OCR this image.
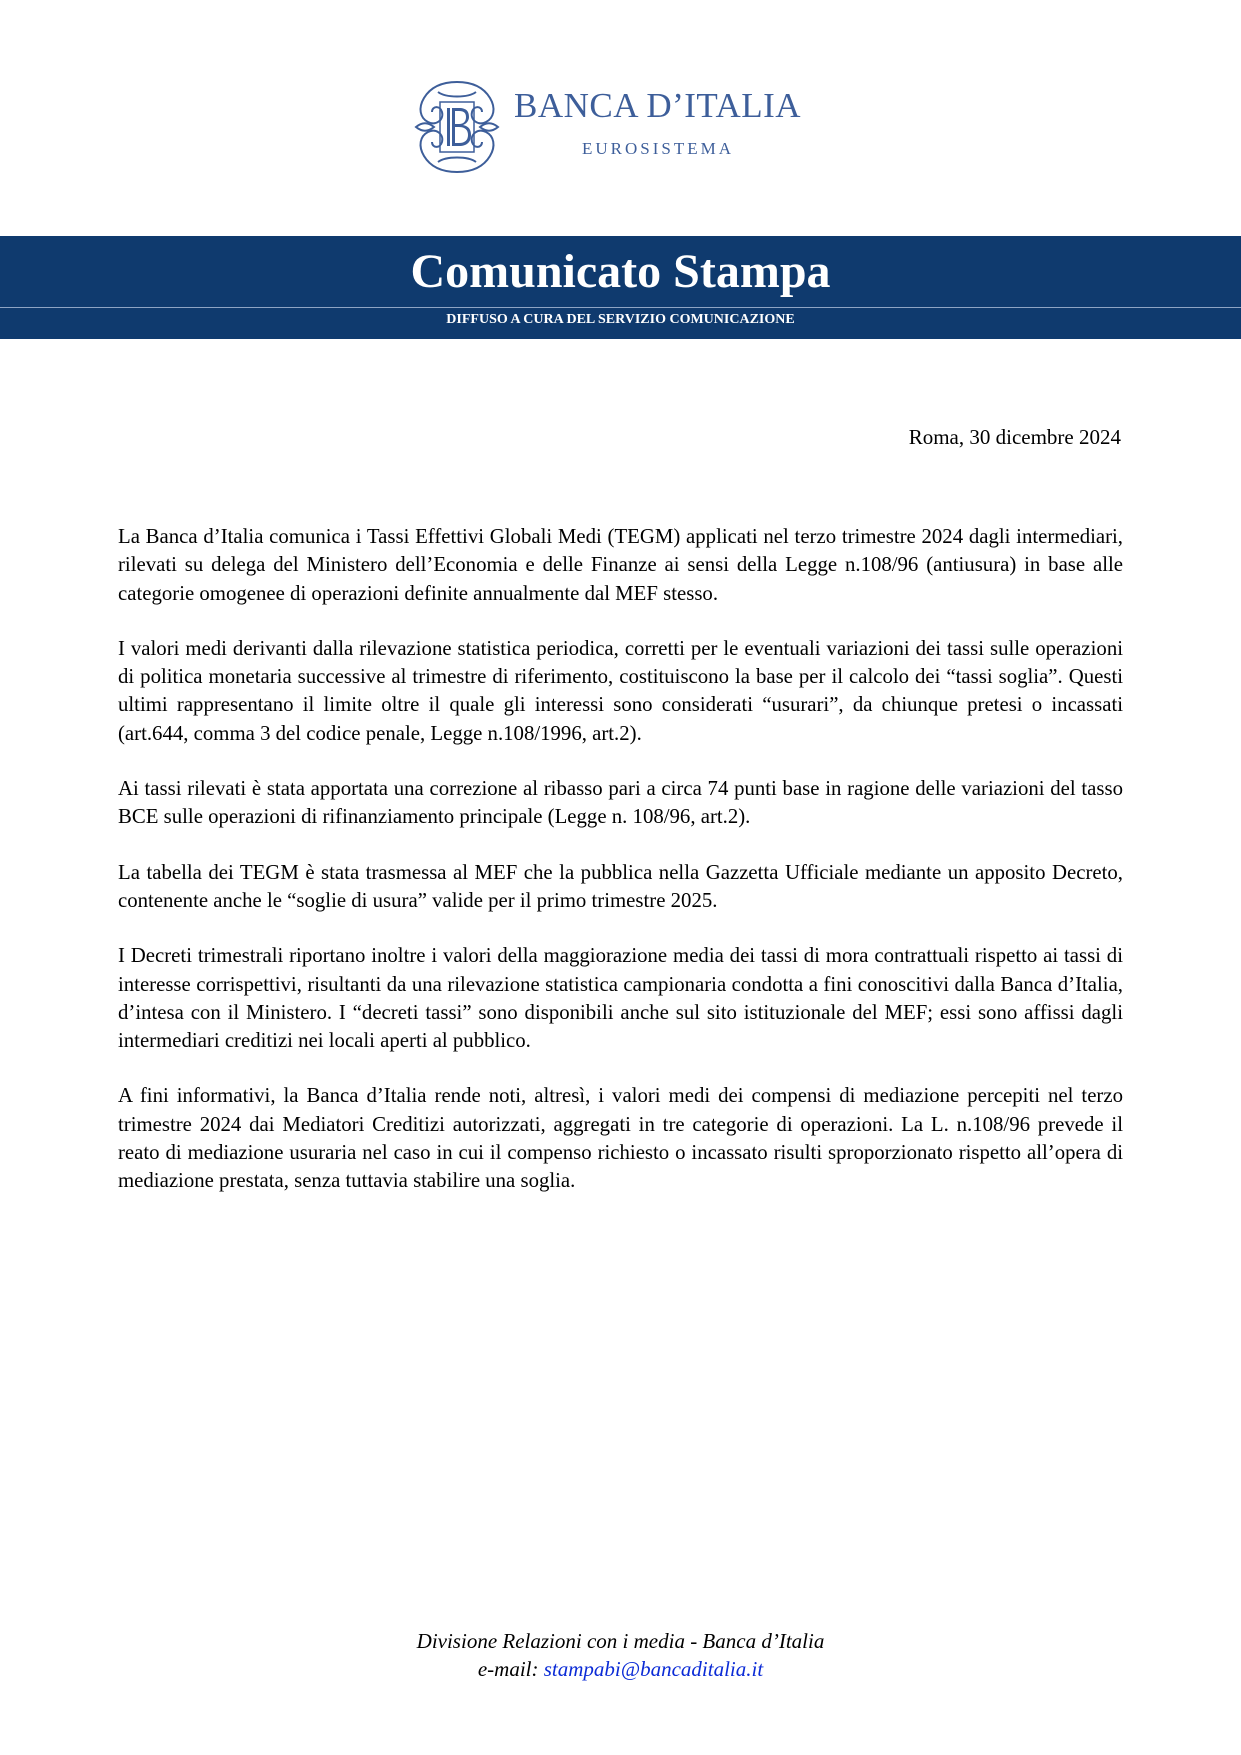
BANCA D’ITALIA
EUROSISTEMA
Comunicato Stampa
DIFFUSO A CURA DEL SERVIZIO COMUNICAZIONE
Roma, 30 dicembre 2024

La Banca d’Italia comunica i Tassi Effettivi Globali Medi (TEGM) applicati nel terzo trimestre 2024 dagli intermediari, rilevati su delega del Ministero dell’Economia e delle Finanze ai sensi della Legge n.108/96 (antiusura) in base alle categorie omogenee di operazioni definite annualmente dal MEF stesso.

I valori medi derivanti dalla rilevazione statistica periodica, corretti per le eventuali variazioni dei tassi sulle operazioni di politica monetaria successive al trimestre di riferimento, costituiscono la base per il calcolo dei “tassi soglia”. Questi ultimi rappresentano il limite oltre il quale gli interessi sono considerati “usurari”, da chiunque pretesi o incassati (art.644, comma 3 del codice penale, Legge n.108/1996, art.2).

Ai tassi rilevati è stata apportata una correzione al ribasso pari a circa 74 punti base in ragione delle variazioni del tasso BCE sulle operazioni di rifinanziamento principale (Legge n. 108/96, art.2).

La tabella dei TEGM è stata trasmessa al MEF che la pubblica nella Gazzetta Ufficiale mediante un apposito Decreto, contenente anche le “soglie di usura” valide per il primo trimestre 2025.

I Decreti trimestrali riportano inoltre i valori della maggiorazione media dei tassi di mora contrattuali rispetto ai tassi di interesse corrispettivi, risultanti da una rilevazione statistica campionaria condotta a fini conoscitivi dalla Banca d’Italia, d’intesa con il Ministero. I “decreti tassi” sono disponibili anche sul sito istituzionale del MEF; essi sono affissi dagli intermediari creditizi nei locali aperti al pubblico.

A fini informativi, la Banca d’Italia rende noti, altresì, i valori medi dei compensi di mediazione percepiti nel terzo trimestre 2024 dai Mediatori Creditizi autorizzati, aggregati in tre categorie di operazioni. La L. n.108/96 prevede il reato di mediazione usuraria nel caso in cui il compenso richiesto o incassato risulti sproporzionato rispetto all’opera di mediazione prestata, senza tuttavia stabilire una soglia.

Divisione Relazioni con i media - Banca d’Italia
e-mail: stampabi@bancaditalia.it
